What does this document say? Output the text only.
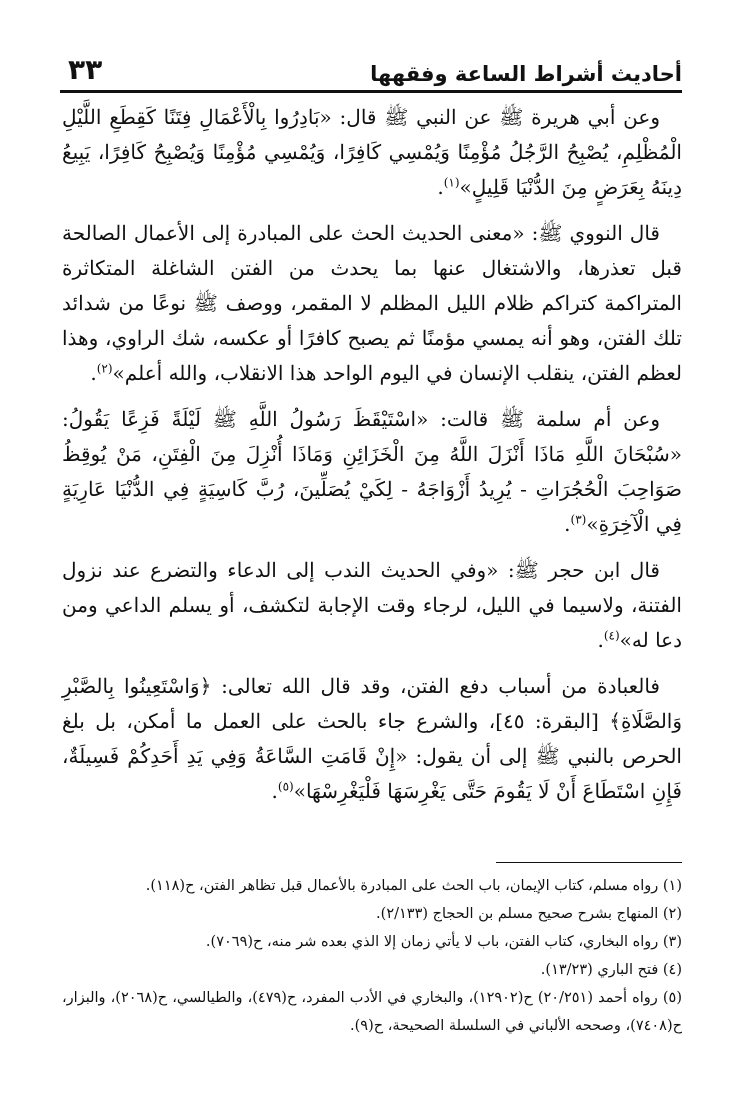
أحاديث أشراط الساعة وفقهها
٣٣

وعن أبي هريرة ﷺ عن النبي ﷺ قال: «بَادِرُوا بِالْأَعْمَالِ فِتَنًا كَقِطَعِ اللَّيْلِ الْمُظْلِمِ، يُصْبِحُ الرَّجُلُ مُؤْمِنًا وَيُمْسِي كَافِرًا، وَيُمْسِي مُؤْمِنًا وَيُصْبِحُ كَافِرًا، يَبِيعُ دِينَهُ بِعَرَضٍ مِنَ الدُّنْيَا قَلِيلٍ»$^{(١)}$.

قال النووي ﷺ: «معنى الحديث الحث على المبادرة إلى الأعمال الصالحة قبل تعذرها، والاشتغال عنها بما يحدث من الفتن الشاغلة المتكاثرة المتراكمة كتراكم ظلام الليل المظلم لا المقمر، ووصف ﷺ نوعًا من شدائد تلك الفتن، وهو أنه يمسي مؤمنًا ثم يصبح كافرًا أو عكسه، شك الراوي، وهذا لعظم الفتن، ينقلب الإنسان في اليوم الواحد هذا الانقلاب، والله أعلم»$^{(٢)}$.

وعن أم سلمة ﷺ قالت: «اسْتَيْقَظَ رَسُولُ اللَّهِ ﷺ لَيْلَةً فَزِعًا يَقُولُ: «سُبْحَانَ اللَّهِ مَاذَا أَنْزَلَ اللَّهُ مِنَ الْخَزَائِنِ وَمَاذَا أُنْزِلَ مِنَ الْفِتَنِ، مَنْ يُوقِظُ صَوَاحِبَ الْحُجُرَاتِ - يُرِيدُ أَزْوَاجَهُ - لِكَيْ يُصَلِّينَ، رُبَّ كَاسِيَةٍ فِي الدُّنْيَا عَارِيَةٍ فِي الْآخِرَةِ»$^{(٣)}$.

قال ابن حجر ﷺ: «وفي الحديث الندب إلى الدعاء والتضرع عند نزول الفتنة، ولاسيما في الليل، لرجاء وقت الإجابة لتكشف، أو يسلم الداعي ومن دعا له»$^{(٤)}$.

فالعبادة من أسباب دفع الفتن، وقد قال الله تعالى: ﴿وَاسْتَعِينُوا بِالصَّبْرِ وَالصَّلَاةِ﴾ [البقرة: ٤٥]، والشرع جاء بالحث على العمل ما أمكن، بل بلغ الحرص بالنبي ﷺ إلى أن يقول: «إِنْ قَامَتِ السَّاعَةُ وَفِي يَدِ أَحَدِكُمْ فَسِيلَةٌ، فَإِنِ اسْتَطَاعَ أَنْ لَا يَقُومَ حَتَّى يَغْرِسَهَا فَلْيَغْرِسْهَا»$^{(٥)}$.

(١) رواه مسلم، كتاب الإيمان، باب الحث على المبادرة بالأعمال قبل تظاهر الفتن، ح(١١٨).

(٢) المنهاج بشرح صحيح مسلم بن الحجاج (٢/١٣٣).

(٣) رواه البخاري، كتاب الفتن، باب لا يأتي زمان إلا الذي بعده شر منه، ح(٧٠٦٩).

(٤) فتح الباري (١٣/٢٣).

(٥) رواه أحمد (٢٠/٢٥١) ح(١٢٩٠٢)، والبخاري في الأدب المفرد، ح(٤٧٩)، والطيالسي، ح(٢٠٦٨)، والبزار، ح(٧٤٠٨)، وصححه الألباني في السلسلة الصحيحة، ح(٩).
